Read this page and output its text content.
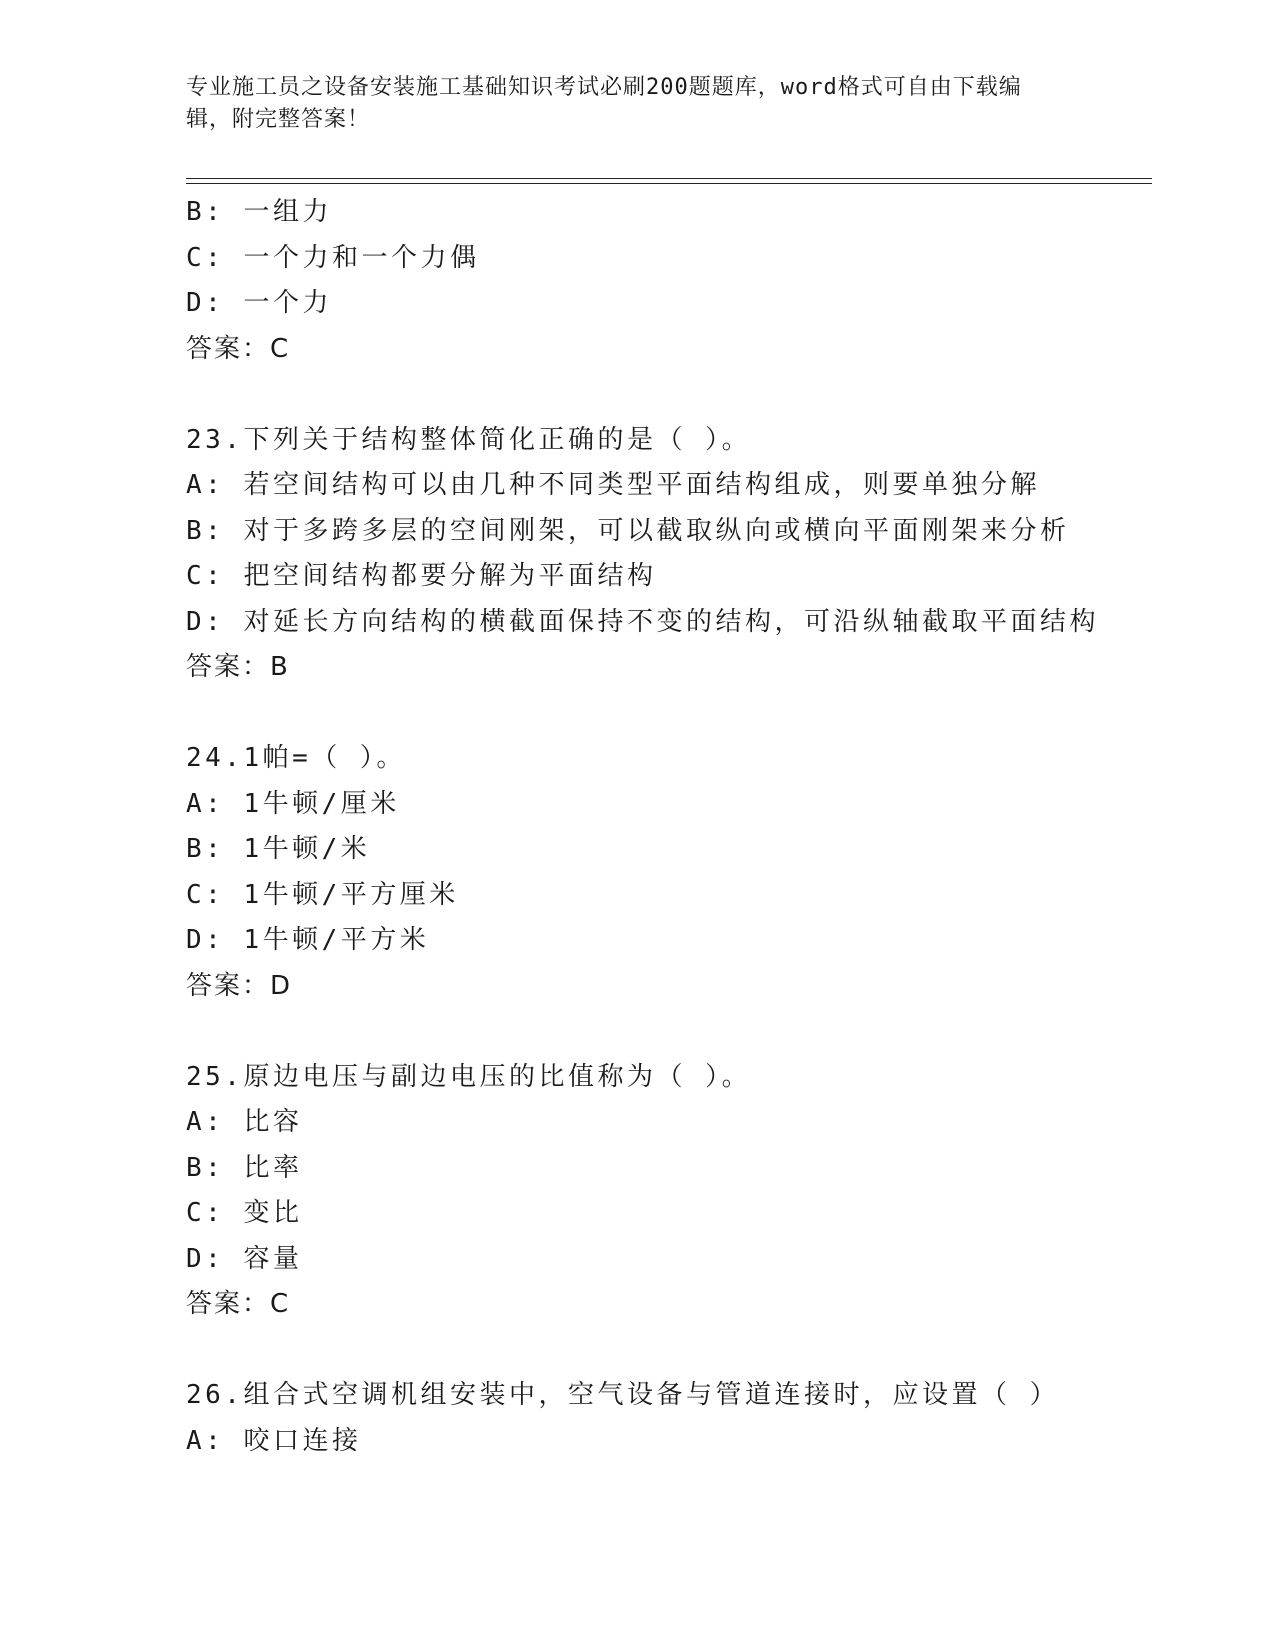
专业施工员之设备安装施工基础知识考试必刷200题题库，word格式可自由下载编辑，附完整答案！
B: 一组力
C: 一个力和一个力偶
D: 一个力
答案：C
23.下列关于结构整体简化正确的是（ ）。
A: 若空间结构可以由几种不同类型平面结构组成，则要单独分解
B: 对于多跨多层的空间刚架，可以截取纵向或横向平面刚架来分析
C: 把空间结构都要分解为平面结构
D: 对延长方向结构的横截面保持不变的结构，可沿纵轴截取平面结构
答案：B
24.1帕=（ ）。
A: 1牛顿/厘米
B: 1牛顿/米
C: 1牛顿/平方厘米
D: 1牛顿/平方米
答案：D
25.原边电压与副边电压的比值称为（ ）。
A: 比容
B: 比率
C: 变比
D: 容量
答案：C
26.组合式空调机组安装中，空气设备与管道连接时，应设置（ ）
A: 咬口连接
